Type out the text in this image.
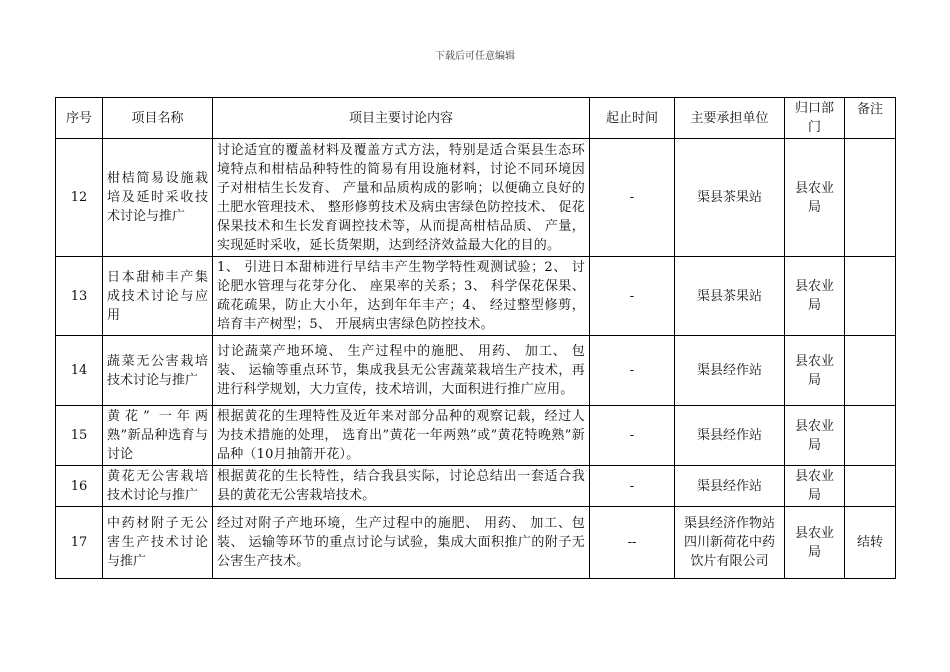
下载后可任意编辑
序号	项目名称	项目主要讨论内容	起止时间	主要承担单位	归口部门	备注
12	柑桔简易设施栽培及延时采收技术讨论与推广	讨论适宜的覆盖材料及覆盖方式方法，特别是适合渠县生态环境特点和柑桔品种特性的简易有用设施材料，讨论不同环境因子对柑桔生长发育、 产量和品质构成的影响；以便确立良好的土肥水管理技术、 整形修剪技术及病虫害绿色防控技术、 促花保果技术和生长发育调控技术等，从而提高柑桔品质、 产量，实现延时采收，延长货架期，达到经济效益最大化的目的。	-	渠县茶果站	县农业局	
13	日本甜柿丰产集成技术讨论与应用	1、 引进日本甜柿进行早结丰产生物学特性观测试验；2、 讨论肥水管理与花芽分化、 座果率的关系；3、 科学保花保果、 疏花疏果，防止大小年，达到年年丰产；4、 经过整型修剪，培育丰产树型；5、 开展病虫害绿色防控技术。	-	渠县茶果站	县农业局	
14	蔬菜无公害栽培技术讨论与推广	讨论蔬菜产地环境、 生产过程中的施肥、 用药、 加工、 包装、 运输等重点环节，集成我县无公害蔬菜栽培生产技术，再进行科学规划，大力宣传，技术培训，大面积进行推广应用。	-	渠县经作站	县农业局	
15	黄花” 一年两熟”新品种选育与讨论	根据黄花的生理特性及近年来对部分品种的观察记载，经过人为技术措施的处理， 选育出”黄花一年两熟”或”黄花特晚熟”新品种（10月抽箭开花）。	-	渠县经作站	县农业局	
16	黄花无公害栽培技术讨论与推广	根据黄花的生长特性，结合我县实际，讨论总结出一套适合我县的黄花无公害栽培技术。	-	渠县经作站	县农业局	
17	中药材附子无公害生产技术讨论与推广	经过对附子产地环境，生产过程中的施肥、 用药、 加工、包装、 运输等环节的重点讨论与试验，集成大面积推广的附子无公害生产技术。	--	渠县经济作物站四川新荷花中药饮片有限公司	县农业局	结转
